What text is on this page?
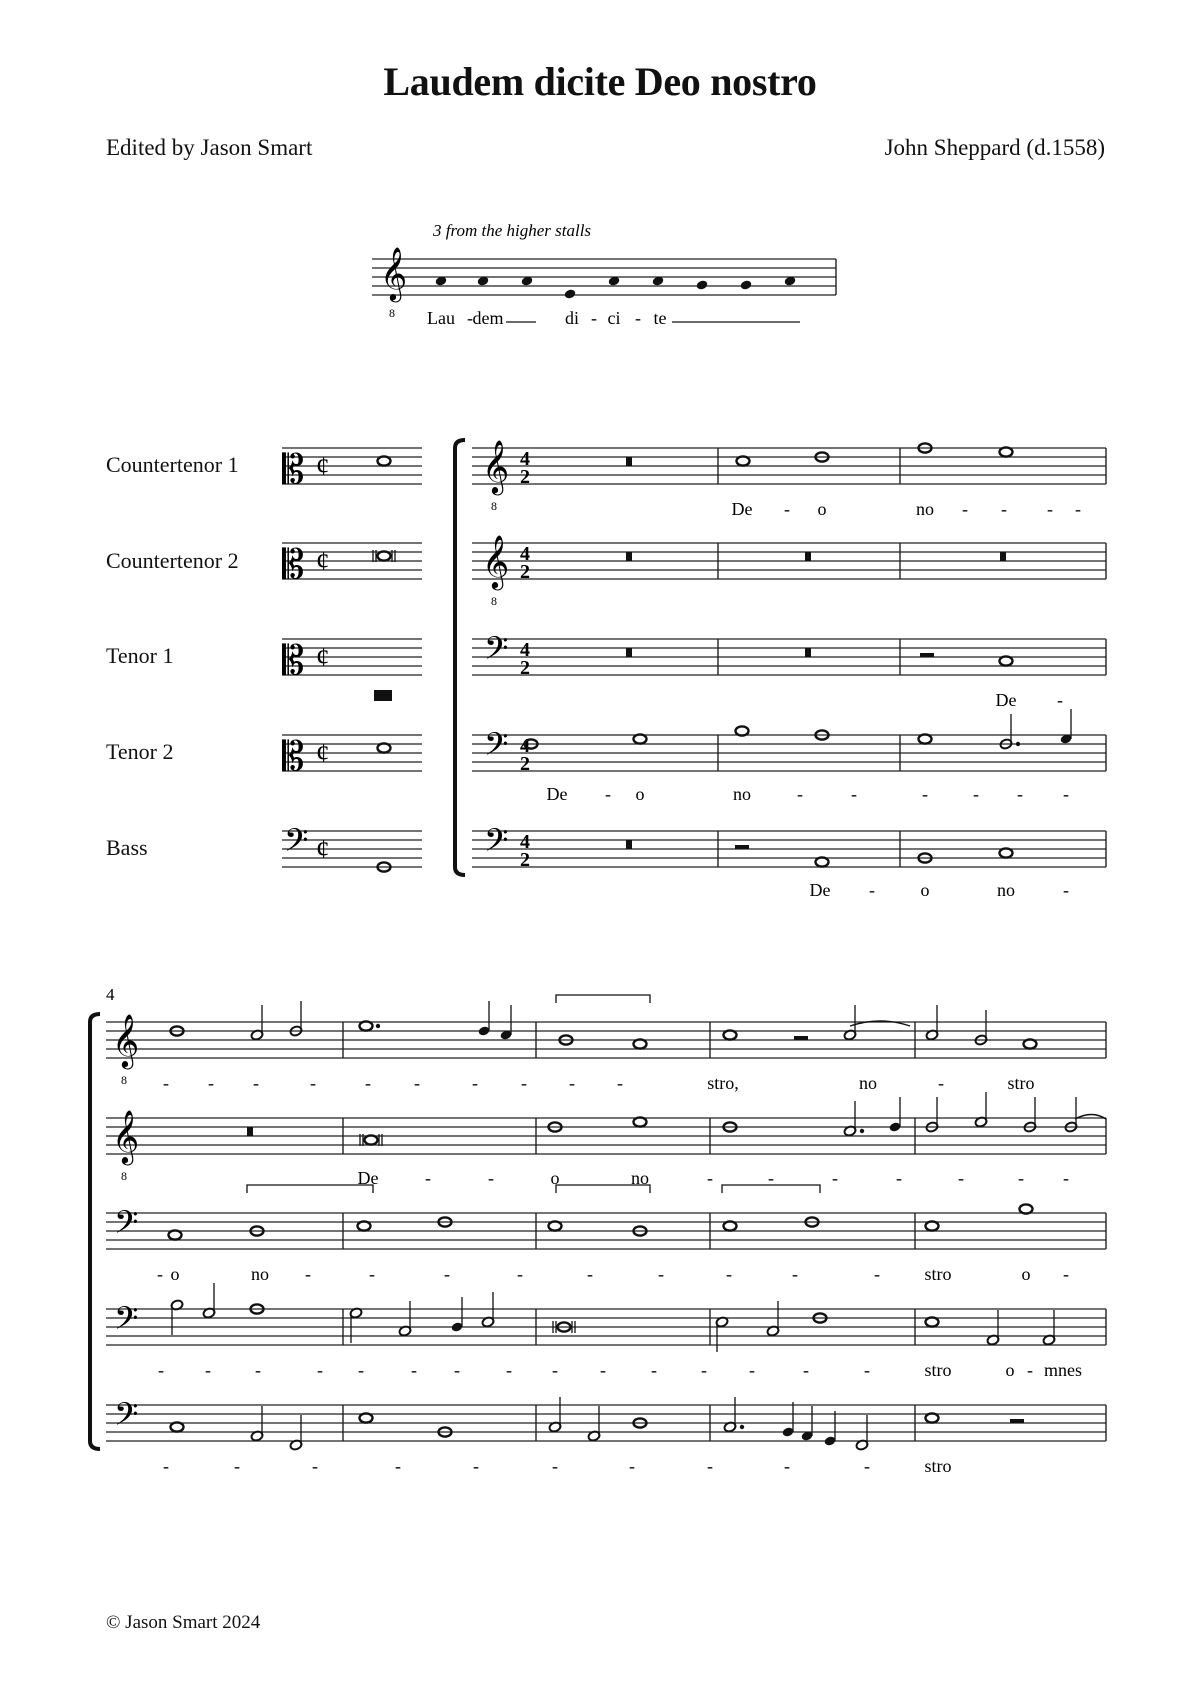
Laudem dicite Deo nostro
Edited by Jason Smart	John Sheppard (d.1558)
Countertenor 1
Countertenor 2
Tenor 1
Tenor 2
Bass
© Jason Smart 2024
𝄞
8
3 from the higher stalls
Lau - dem	di - ci - te
𝄡 ¢
𝄡 ¢
𝄡 ¢
𝄡 ¢
𝄢 ¢
𝄞
8
4
2
𝄞
8
4
2
𝄢 4
2
𝄢 4
2
𝄢 4
2
De - o	no - - - -
De -
De - o	no	-	-	-	- - -
De -	o	no	-
4
𝄞
8
𝄞
8
𝄢
𝄢
𝄢
- - -	-	- -	- - - -	stro,	no	-	stro
De	-	-	o	no	-	-	-	-	-	- -
- o	no -	-	-	-	-	-	-	-	- stro	o -
- - -	- -	- -	- - -	- - -	-	-	stro	o - mnes
-	-	-	-	-	-	-	-	-	-	stro
